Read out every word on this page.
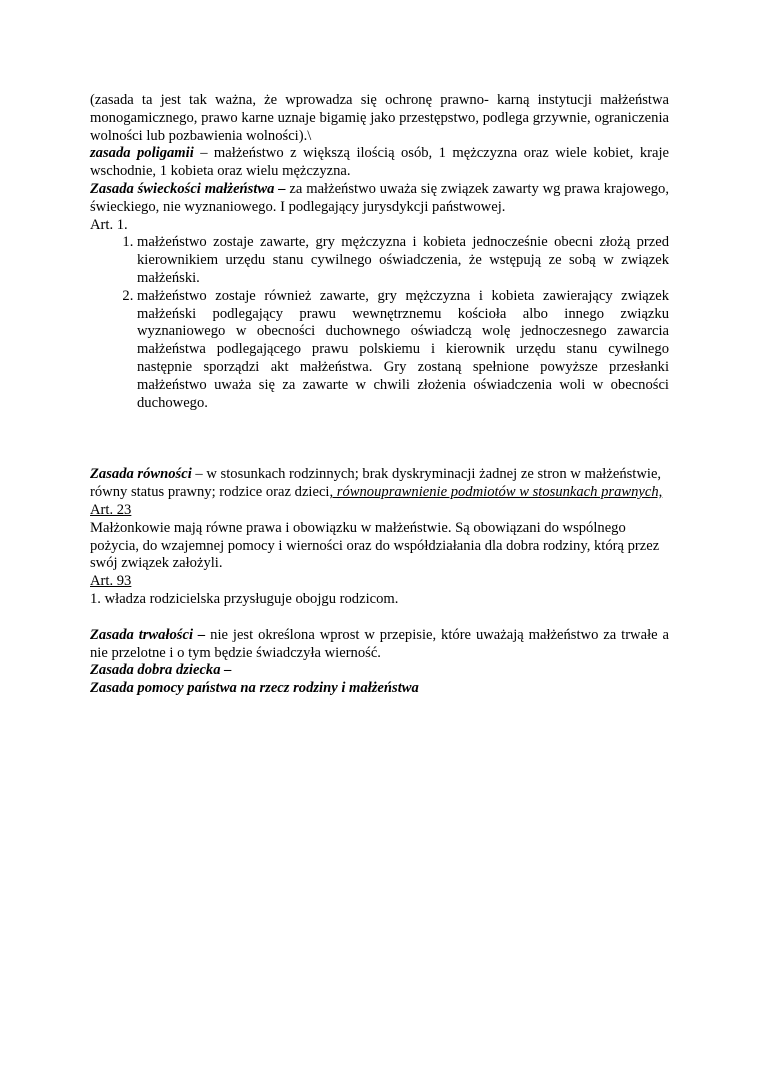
(zasada ta jest tak ważna, że wprowadza się ochronę prawno- karną instytucji małżeństwa monogamicznego, prawo karne uznaje bigamię jako przestępstwo, podlega grzywnie, ograniczenia wolności lub pozbawienia wolności).\

zasada poligamii – małżeństwo z większą ilością osób, 1 mężczyzna oraz wiele kobiet, kraje wschodnie, 1 kobieta oraz wielu mężczyzna.

Zasada świeckości małżeństwa – za małżeństwo uważa się związek zawarty wg prawa krajowego, świeckiego, nie wyznaniowego. I podlegający jurysdykcji państwowej.

Art. 1.

1. małżeństwo zostaje zawarte, gry mężczyzna i kobieta jednocześnie obecni złożą przed kierownikiem urzędu stanu cywilnego oświadczenia, że wstępują ze sobą w związek małżeński.
2. małżeństwo zostaje również zawarte, gry mężczyzna i kobieta zawierający związek małżeński podlegający prawu wewnętrznemu kościoła albo innego związku wyznaniowego w obecności duchownego oświadczą wolę jednoczesnego zawarcia małżeństwa podlegającego prawu polskiemu i kierownik urzędu stanu cywilnego następnie sporządzi akt małżeństwa. Gry zostaną spełnione powyższe przesłanki małżeństwo uważa się za zawarte w chwili złożenia oświadczenia woli w obecności duchowego.

Zasada równości – w stosunkach rodzinnych; brak dyskryminacji żadnej ze stron w małżeństwie, równy status prawny; rodzice oraz dzieci, równouprawnienie podmiotów w stosunkach prawnych,

Art. 23

Małżonkowie mają równe prawa i obowiązku w małżeństwie. Są obowiązani do wspólnego pożycia, do wzajemnej pomocy i wierności oraz do współdziałania dla dobra rodziny, którą przez swój związek założyli.

Art. 93

1. władza rodzicielska przysługuje obojgu rodzicom.

Zasada trwałości – nie jest określona wprost w przepisie, które uważają małżeństwo za trwałe a nie przelotne i o tym będzie świadczyła wierność.

Zasada dobra dziecka –

Zasada pomocy państwa na rzecz rodziny i małżeństwa
